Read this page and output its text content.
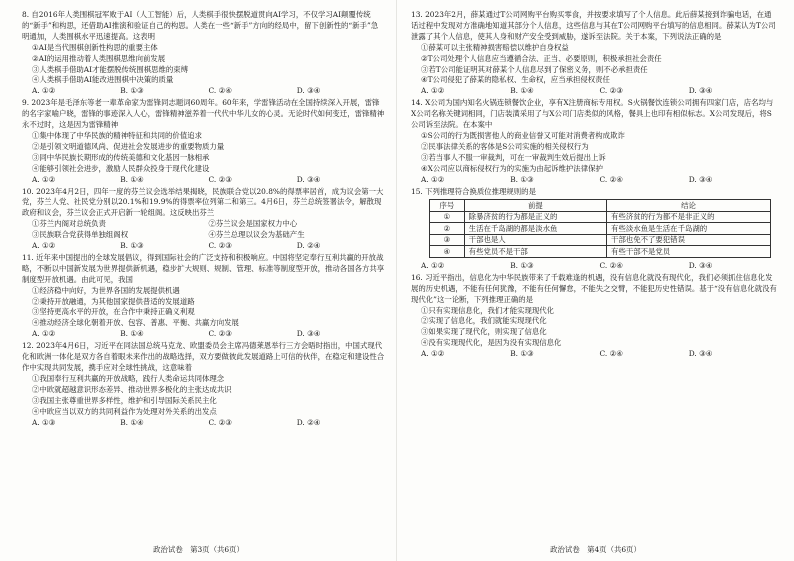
8. 自2016年人类围棋冠军败于AI（人工智能）后，人类棋手很快摆脱道贯向AI学习，不仅学习AI颠覆传统的“新手”和构思，还借助AI推演和验证自己的构思。人类在一些“新手”方向的经局中，留下创新性的“新手”急明通加，人类围棋水平迅速提高。这表明

①AI是当代围棋创新性构思的重要主体

②AI的运用推动着人类围棋思维向前发展

③人类棋手借助AI才能摆脱传统围棋思维的束缚

④人类棋手借助AI能改进围棋中决策的质量

A. ①②	B. ①③	C. ②④	D. ③④

9. 2023年是毛泽东等老一辈革命家为雷锋同志题词60周年。60年来，学雷锋活动在全国持续深入开展，雷锋的名字家喻户晓，雷锋的事迹深入人心，雷锋精神滋养着一代代中华儿女的心灵。无论时代如何变迁，雷锋精神永不过时，这是因为雷锋精神

①集中体现了中华民族的精神特征和共同的价值追求

②是引领文明道德风尚、促进社会发展进步的重要物质力量

③同中华民族长期形成的传统美德和文化基因一脉相承

④能够引领社会进步，激励人民群众投身于现代化建设

A. ①②	B. ①④	C. ②③	D. ③④

10. 2023年4月2日，四年一度的芬兰议会选举结果揭晓，民族联合党以20.8%的得票率居首，成为议会第一大党，芬兰人党、社民党分别以20.1%和19.9%的得票率位列第二和第三。4月6日，芬兰总统签署法令，解散现政府和议会，芬兰议会正式开启新一轮组阁。这反映出芬兰

①芬兰内阁对总统负责	②芬兰议会是国家权力中心
③民族联合党获得单独组阁权	④芬兰总理以议会为基础产生
A. ①②	B. ①③	C. ②③	D. ②④

11. 近年来中国提出的全球发展倡议，得到国际社会的广泛支持和积极响应。中国将坚定奉行互利共赢的开放战略，不断以中国新发展为世界提供新机遇，稳步扩大规则、规制、管理、标准等制度型开放，推动各国各方共享制度型开放机遇。由此可见，我国

①经济稳中向好，为世界各国的发展提供机遇

②秉持开放融通，为其他国家提供普适的发展道路

③坚持更高水平的开放，在合作中秉持正确义利观

④推动经济全球化朝着开放、包容、普惠、平衡、共赢方向发展

A. ①②	B. ①④	C. ②③	D. ③④

12. 2023年4月6日，习近平在同法国总统马克龙、欧盟委员会主席冯德莱恩举行三方会晤时指出，中国式现代化和欧洲一体化是双方各自着眼未来作出的战略选择，双方要做彼此发展道路上可信的伙伴，在稳定和建设性合作中实现共同发展，携手应对全球性挑战，这意味着

①我国奉行互利共赢的开放战略，践行人类命运共同体理念

②中欧就超越意识形态差异、推动世界多极化的主张达成共识

③我国主张尊重世界多样性，维护和引导国际关系民主化

④中欧应当以双方的共同利益作为处理对外关系的出发点

A. ①③	B. ①④	C. ②③	D. ②④
政治试卷　第3页（共6页）

13. 2023年2月，薛某通过T公司网购平台购买零食，并按要求填写了个人信息。此后薛某接到诈骗电话，在通话过程中发现对方准确地知道其部分个人信息，这些信息与其在T公司网购平台填写的信息相同。薛某认为T公司泄露了其个人信息，使其人身和财产安全受到威胁，遂诉至法院。关于本案，下列说法正确的是

①薛某可以主张精神损害赔偿以维护自身权益

②T公司处理个人信息应当遵循合法、正当、必要原则，积极承担社会责任

③若T公司能证明其对薛某个人信息尽到了保密义务，则不必承担责任

④T公司侵犯了薛某的隐私权、生命权，应当承担侵权责任

A. ①②	B. ①④	C. ②③	D. ③④

14. X公司为国内知名火锅连锁餐饮企业，享有X注册商标专用权。S火锅餐饮连锁公司拥有四家门店，店名均与X公司名称关键词相同，门店装潢采用了与X公司门店类似的风格，餐具上也印有相似标志。X公司发现后，将S公司诉至法院。在本案中

①S公司的行为既损害他人的商业信誉又可能对消费者构成欺诈

②民事法律关系的客体是S公司实施的相关侵权行为

③若当事人不服一审裁判，可在一审裁判生效后提出上诉

④X公司应以商标侵权行为的实施为由起诉维护法律保护

A. ①②	B. ①③	C. ②④	D. ③④

15. 下列推理符合换质位推理规则的是

序号	前提	结论
①	除暴济贫的行为都是正义的	有些济贫的行为都不是非正义的
②	生活在千岛湖的都是淡水鱼	有些淡水鱼是生活在千岛湖的
③	干部也是人	干部也免不了要犯错误
④	有些党员不是干部	有些干部不是党员
A. ①②	B. ①③	C. ②④	D. ③④

16. 习近平指出，信息化为中华民族带来了千载难逢的机遇，没有信息化就没有现代化，我们必须抓住信息化发展的历史机遇，不能有任何犹豫，不能有任何懈怠，不能失之交臂，不能犯历史性错误。基于“没有信息化就没有现代化”这一论断，下列推理正确的是

①只有实现信息化，我们才能实现现代化

②实现了信息化，我们就能实现现代化

③如果实现了现代化，则实现了信息化

④没有实现现代化，是因为没有实现信息化

A. ①②	B. ①③	C. ②④	D. ③④
政治试卷　第4页（共6页）
